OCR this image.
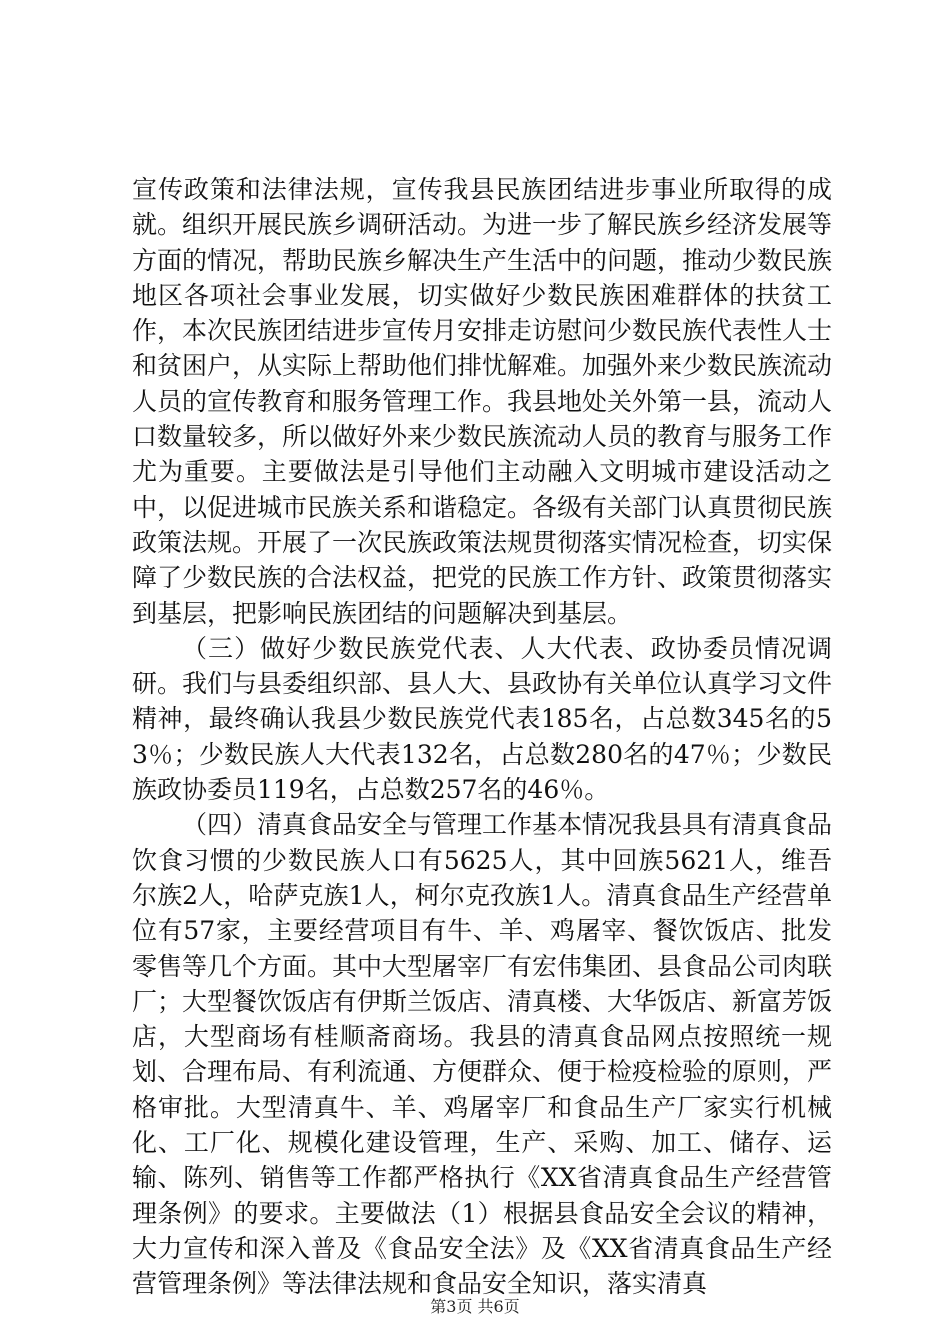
宣传政策和法律法规，宣传我县民族团结进步事业所取得的成就。组织开展民族乡调研活动。为进一步了解民族乡经济发展等方面的情况，帮助民族乡解决生产生活中的问题，推动少数民族地区各项社会事业发展，切实做好少数民族困难群体的扶贫工作，本次民族团结进步宣传月安排走访慰问少数民族代表性人士和贫困户，从实际上帮助他们排忧解难。加强外来少数民族流动人员的宣传教育和服务管理工作。我县地处关外第一县，流动人口数量较多，所以做好外来少数民族流动人员的教育与服务工作尤为重要。主要做法是引导他们主动融入文明城市建设活动之中，以促进城市民族关系和谐稳定。各级有关部门认真贯彻民族政策法规。开展了一次民族政策法规贯彻落实情况检查，切实保障了少数民族的合法权益，把党的民族工作方针、政策贯彻落实到基层，把影响民族团结的问题解决到基层。

（三）做好少数民族党代表、人大代表、政协委员情况调研。我们与县委组织部、县人大、县政协有关单位认真学习文件精神，最终确认我县少数民族党代表185名，占总数345名的53％；少数民族人大代表132名，占总数280名的47％；少数民族政协委员119名，占总数257名的46％。

（四）清真食品安全与管理工作基本情况我县具有清真食品饮食习惯的少数民族人口有5625人，其中回族5621人，维吾尔族2人，哈萨克族1人，柯尔克孜族1人。清真食品生产经营单位有57家，主要经营项目有牛、羊、鸡屠宰、餐饮饭店、批发零售等几个方面。其中大型屠宰厂有宏伟集团、县食品公司肉联厂；大型餐饮饭店有伊斯兰饭店、清真楼、大华饭店、新富芳饭店，大型商场有桂顺斋商场。我县的清真食品网点按照统一规划、合理布局、有利流通、方便群众、便于检疫检验的原则，严格审批。大型清真牛、羊、鸡屠宰厂和食品生产厂家实行机械化、工厂化、规模化建设管理，生产、采购、加工、储存、运输、陈列、销售等工作都严格执行《XX省清真食品生产经营管理条例》的要求。主要做法（1）根据县食品安全会议的精神，大力宣传和深入普及《食品安全法》及《XX省清真食品生产经营管理条例》等法律法规和食品安全知识，落实清真

第3页 共6页
